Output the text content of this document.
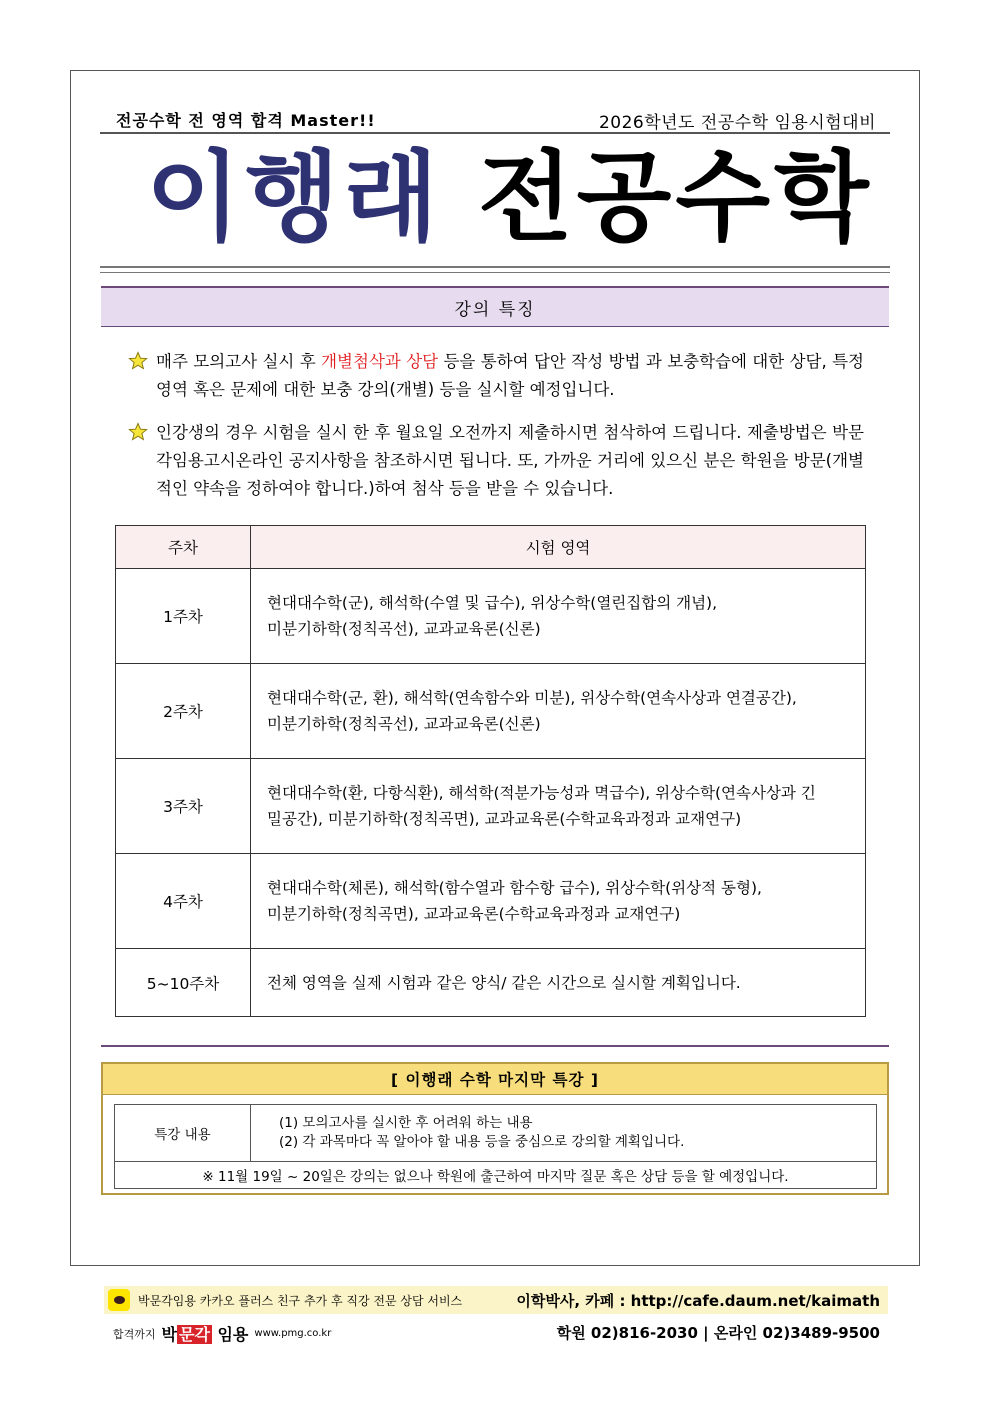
전공수학 전 영역 합격 Master!!	2026학년도 전공수학 임용시험대비
이행래 전공수학
강의 특징
매주 모의고사 실시 후 개별첨삭과 상담 등을 통하여 답안 작성 방법 과 보충학습에 대한 상담, 특정 영역 혹은 문제에 대한 보충 강의(개별) 등을 실시할 예정입니다.
인강생의 경우 시험을 실시 한 후 월요일 오전까지 제출하시면 첨삭하여 드립니다. 제출방법은 박문각임용고시온라인 공지사항을 참조하시면 됩니다. 또, 가까운 거리에 있으신 분은 학원을 방문(개별적인 약속을 정하여야 합니다.)하여 첨삭 등을 받을 수 있습니다.
주차	시험 영역
1주차	현대대수학(군), 해석학(수열 및 급수), 위상수학(열린집합의 개념),
미분기하학(정칙곡선), 교과교육론(신론)

2주차	현대대수학(군, 환), 해석학(연속함수와 미분), 위상수학(연속사상과 연결공간),
미분기하학(정칙곡선), 교과교육론(신론)

3주차	현대대수학(환, 다항식환), 해석학(적분가능성과 멱급수), 위상수학(연속사상과 긴
밀공간), 미분기하학(정칙곡면), 교과교육론(수학교육과정과 교재연구)

4주차	현대대수학(체론), 해석학(함수열과 함수항 급수), 위상수학(위상적 동형),
미분기하학(정칙곡면), 교과교육론(수학교육과정과 교재연구)

5~10주차	전체 영역을 실제 시험과 같은 양식/ 같은 시간으로 실시할 계획입니다.
[ 이행래 수학 마지막 특강 ]
특강 내용	
(1) 모의고사를 실시한 후 어려워 하는 내용
(2) 각 과목마다 꼭 알아야 할 내용 등을 중심으로 강의할 계획입니다.

※ 11월 19일 ~ 20일은 강의는 없으나 학원에 출근하여 마지막 질문 혹은 상담 등을 할 예정입니다.
박문각임용 카카오 플러스 친구 추가 후 직강 전문 상담 서비스	이학박사, 카페 : http://cafe.daum.net/kaimath
합격까지 박 문각 임용 www.pmg.co.kr	학원 02)816-2030 | 온라인 02)3489-9500
